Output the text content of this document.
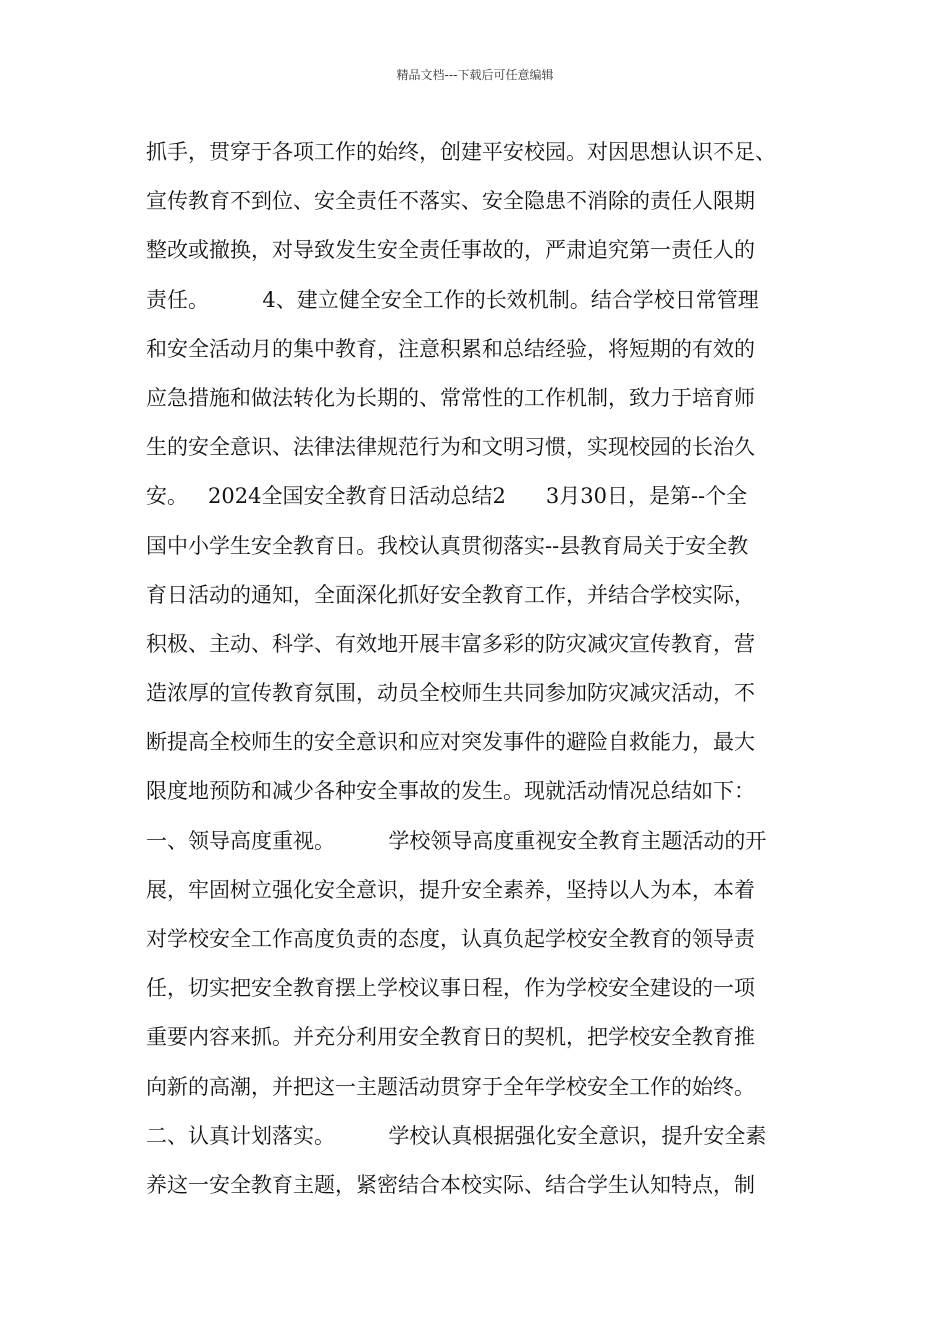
精品文档---下载后可任意编辑
抓手，贯穿于各项工作的始终，创建平安校园。对因思想认识不足、
宣传教育不到位、安全责任不落实、安全隐患不消除的责任人限期
整改或撤换，对导致发生安全责任事故的，严肃追究第一责任人的
责任。        4、建立健全安全工作的长效机制。结合学校日常管理
和安全活动月的集中教育，注意积累和总结经验，将短期的有效的
应急措施和做法转化为长期的、常常性的工作机制，致力于培育师
生的安全意识、法律法律规范行为和文明习惯，实现校园的长治久
安。   2024全国安全教育日活动总结2      3月30日，是第--个全
国中小学生安全教育日。我校认真贯彻落实--县教育局关于安全教
育日活动的通知，全面深化抓好安全教育工作，并结合学校实际，
积极、主动、科学、有效地开展丰富多彩的防灾减灾宣传教育，营
造浓厚的宣传教育氛围，动员全校师生共同参加防灾减灾活动，不
断提高全校师生的安全意识和应对突发事件的避险自救能力，最大
限度地预防和减少各种安全事故的发生。现就活动情况总结如下：
一、领导高度重视。        学校领导高度重视安全教育主题活动的开
展，牢固树立强化安全意识，提升安全素养，坚持以人为本，本着
对学校安全工作高度负责的态度，认真负起学校安全教育的领导责
任，切实把安全教育摆上学校议事日程，作为学校安全建设的一项
重要内容来抓。并充分利用安全教育日的契机，把学校安全教育推
向新的高潮，并把这一主题活动贯穿于全年学校安全工作的始终。
二、认真计划落实。        学校认真根据强化安全意识，提升安全素
养这一安全教育主题，紧密结合本校实际、结合学生认知特点，制
